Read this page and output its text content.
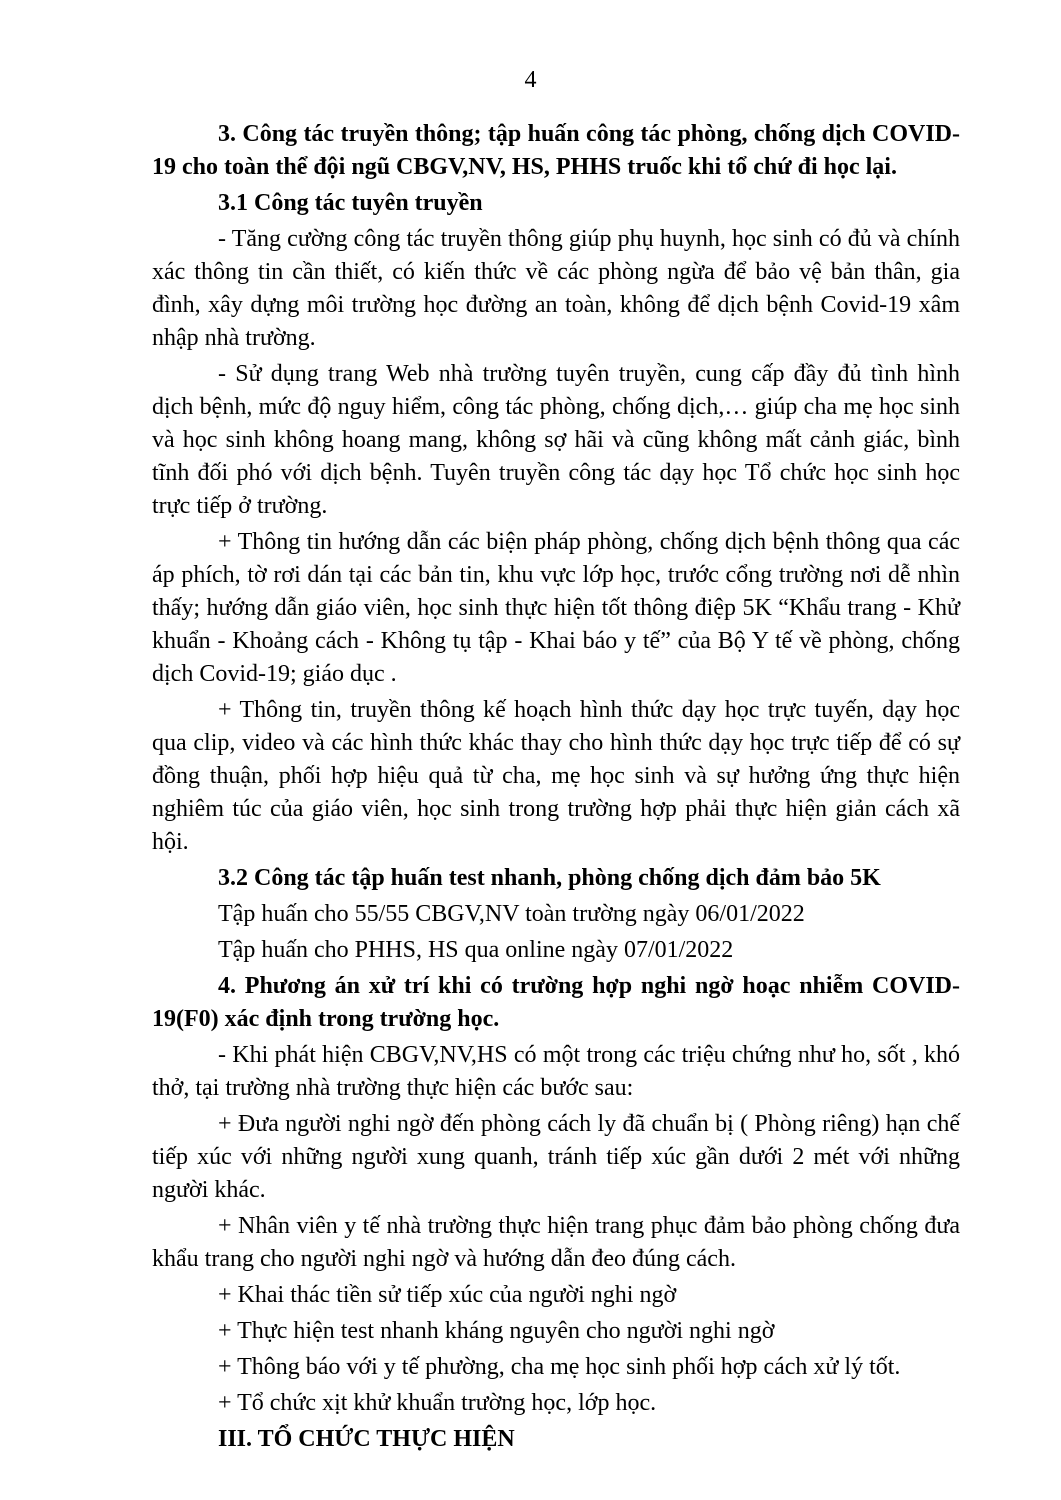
4

3. Công tác truyền thông; tập huấn công tác phòng, chống dịch COVID-19 cho toàn thể đội ngũ CBGV,NV, HS, PHHS truốc khi tổ chứ đi học lại.

3.1 Công tác tuyên truyền

- Tăng cường công tác truyền thông giúp phụ huynh, học sinh có đủ và chính xác thông tin cần thiết, có kiến thức về các phòng ngừa để bảo vệ bản thân, gia đình, xây dựng môi trường học đường an toàn, không để dịch bệnh Covid-19 xâm nhập nhà trường.

- Sử dụng trang Web nhà trường tuyên truyền, cung cấp đầy đủ tình hình dịch bệnh, mức độ nguy hiểm, công tác phòng, chống dịch,… giúp cha mẹ học sinh và học sinh không hoang mang, không sợ hãi và cũng không mất cảnh giác, bình tĩnh đối phó với dịch bệnh. Tuyên truyền công tác dạy học Tổ chức học sinh học trực tiếp ở trường.

+ Thông tin hướng dẫn các biện pháp phòng, chống dịch bệnh thông qua các áp phích, tờ rơi dán tại các bản tin, khu vực lớp học, trước cổng trường nơi dễ nhìn thấy; hướng dẫn giáo viên, học sinh thực hiện tốt thông điệp 5K “Khẩu trang - Khử khuẩn - Khoảng cách - Không tụ tập - Khai báo y tế” của Bộ Y tế về phòng, chống dịch Covid-19; giáo dục .

+ Thông tin, truyền thông kế hoạch hình thức dạy học trực tuyến, dạy học qua clip, video và các hình thức khác thay cho hình thức dạy học trực tiếp để có sự đồng thuận, phối hợp hiệu quả từ cha, mẹ học sinh và sự hưởng ứng thực hiện nghiêm túc của giáo viên, học sinh trong trường hợp phải thực hiện giản cách xã hội.

3.2 Công tác tập huấn test nhanh, phòng chống dịch đảm bảo 5K

Tập huấn cho 55/55 CBGV,NV toàn trường ngày 06/01/2022

Tập huấn cho PHHS, HS qua online ngày 07/01/2022

4. Phương án xử trí khi có trường hợp nghi ngờ hoạc nhiễm COVID-19(F0) xác định trong trường học.

- Khi phát hiện CBGV,NV,HS có một trong các triệu chứng như ho, sốt , khó thở, tại trường nhà trường thực hiện các bước sau:

+ Đưa người nghi ngờ đến phòng cách ly đã chuẩn bị ( Phòng riêng) hạn chế tiếp xúc với những người xung quanh, tránh tiếp xúc gần dưới 2 mét với những người khác.

+ Nhân viên y tế nhà trường thực hiện trang phục đảm bảo phòng chống đưa khẩu trang cho người nghi ngờ và hướng dẫn đeo đúng cách.

+ Khai thác tiền sử tiếp xúc của người nghi ngờ

+ Thực hiện test nhanh kháng nguyên cho người nghi ngờ

+ Thông báo với y tế phường, cha mẹ học sinh phối hợp cách xử lý tốt.

+ Tổ chức xịt khử khuẩn trường học, lớp học.

III. TỔ CHỨC THỰC HIỆN
